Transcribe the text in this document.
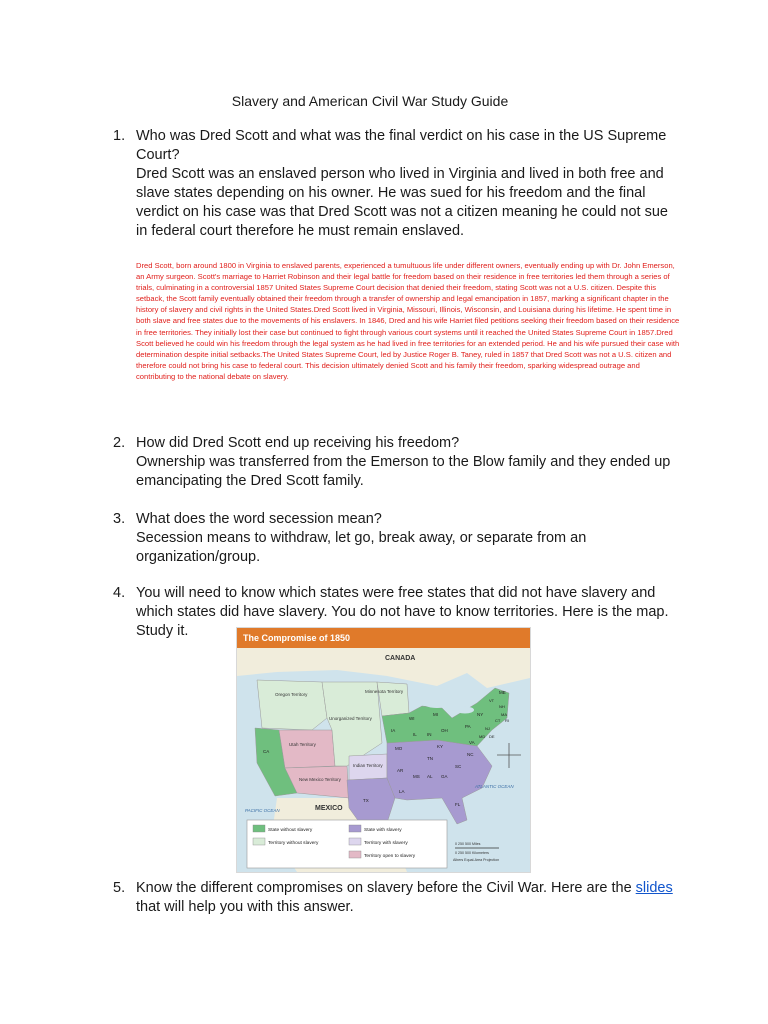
Slavery and American Civil War Study Guide
1. Who was Dred Scott and what was the final verdict on his case in the US Supreme Court?
Dred Scott was an enslaved person who lived in Virginia and lived in both free and slave states depending on his owner. He was sued for his freedom and the final verdict on his case was that Dred Scott was not a citizen meaning he could not sue in federal court therefore he must remain enslaved.
Dred Scott, born around 1800 in Virginia to enslaved parents, experienced a tumultuous life under different owners, eventually ending up with Dr. John Emerson, an Army surgeon. Scott's marriage to Harriet Robinson and their legal battle for freedom based on their residence in free territories led them through a series of trials, culminating in a controversial 1857 United States Supreme Court decision that denied their freedom, stating Scott was not a U.S. citizen. Despite this setback, the Scott family eventually obtained their freedom through a transfer of ownership and legal emancipation in 1857, marking a significant chapter in the history of slavery and civil rights in the United States.Dred Scott lived in Virginia, Missouri, Illinois, Wisconsin, and Louisiana during his lifetime. He spent time in both slave and free states due to the movements of his enslavers. In 1846, Dred and his wife Harriet filed petitions seeking their freedom based on their residence in free territories. They initially lost their case but continued to fight through various court systems until it reached the United States Supreme Court in 1857.Dred Scott believed he could win his freedom through the legal system as he had lived in free territories for an extended period. He and his wife pursued their case with determination despite initial setbacks.The United States Supreme Court, led by Justice Roger B. Taney, ruled in 1857 that Dred Scott was not a U.S. citizen and therefore could not bring his case to federal court. This decision ultimately denied Scott and his family their freedom, sparking widespread outrage and contributing to the national debate on slavery.
2. How did Dred Scott end up receiving his freedom?
Ownership was transferred from the Emerson to the Blow family and they ended up emancipating the Dred Scott family.
3. What does the word secession mean?
Secession means to withdraw, let go, break away, or separate from an organization/group.
4. You will need to know which states were free states that did not have slavery and which states did have slavery. You do not have to know territories. Here is the map. Study it.	The Compromise of 1850
CANADA
MEXICO
Oregon Territory
Minnesota Territory
Unorganized Territory
Utah Territory
New Mexico Territory
Indian Territory
ATLANTIC OCEAN
PACIFIC OCEAN
CA
TX
MO
AR
LA
MS AL GA
FL
SC
NC
TN
KY
VA
IA
WI
MI
IL IN
OH
PA
NY
VT
NH
ME
MA
CT RI
NJ
DE
MD
State without slavery
Territory without slavery
State with slavery
Territory with slavery
Territory open to slavery
0 250 500 Miles
0 250 500 Kilometers
Albers Equal-Area Projection
5. Know the different compromises on slavery before the Civil War. Here are the slides that will help you with this answer.
